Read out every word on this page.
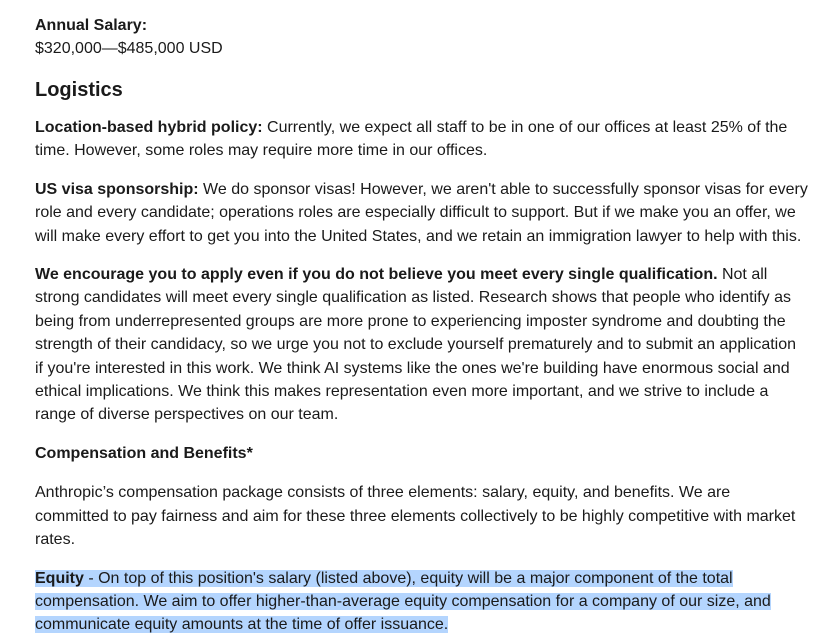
Annual Salary:

$320,000—$485,000 USD

Logistics

Location-based hybrid policy: Currently, we expect all staff to be in one of our offices at least 25% of the time. However, some roles may require more time in our offices.

US visa sponsorship: We do sponsor visas! However, we aren't able to successfully sponsor visas for every role and every candidate; operations roles are especially difficult to support. But if we make you an offer, we will make every effort to get you into the United States, and we retain an immigration lawyer to help with this.

We encourage you to apply even if you do not believe you meet every single qualification. Not all strong candidates will meet every single qualification as listed. Research shows that people who identify as being from underrepresented groups are more prone to experiencing imposter syndrome and doubting the strength of their candidacy, so we urge you not to exclude yourself prematurely and to submit an application if you're interested in this work. We think AI systems like the ones we're building have enormous social and ethical implications. We think this makes representation even more important, and we strive to include a range of diverse perspectives on our team.

Compensation and Benefits*

Anthropic’s compensation package consists of three elements: salary, equity, and benefits. We are committed to pay fairness and aim for these three elements collectively to be highly competitive with market rates.

Equity - On top of this position's salary (listed above), equity will be a major component of the total compensation. We aim to offer higher-than-average equity compensation for a company of our size, and communicate equity amounts at the time of offer issuance.
